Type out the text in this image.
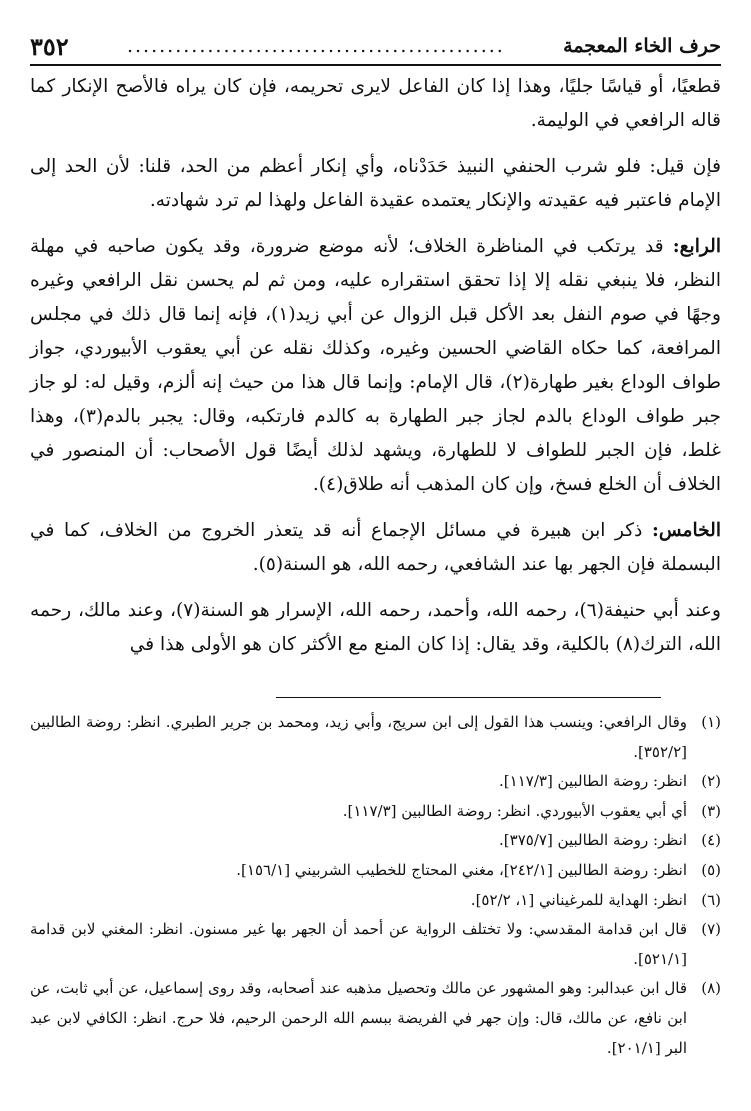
حرف الخاء المعجمة
...............................................
٣٥٢

قطعيًا، أو قياسًا جليًا، وهذا إذا كان الفاعل لايرى تحريمه، فإن كان يراه فالأصح الإنكار كما قاله الرافعي في الوليمة.

فإن قيل: فلو شرب الحنفي النبيذ حَدَدْناه، وأي إنكار أعظم من الحد، قلنا: لأن الحد إلى الإمام فاعتبر فيه عقيدته والإنكار يعتمده عقيدة الفاعل ولهذا لم ترد شهادته.

الرابع: قد يرتكب في المناظرة الخلاف؛ لأنه موضع ضرورة، وقد يكون صاحبه في مهلة النظر، فلا ينبغي نقله إلا إذا تحقق استقراره عليه، ومن ثم لم يحسن نقل الرافعي وغيره وجهًا في صوم النفل بعد الأكل قبل الزوال عن أبي زيد(١)، فإنه إنما قال ذلك في مجلس المرافعة، كما حكاه القاضي الحسين وغيره، وكذلك نقله عن أبي يعقوب الأبيوردي، جواز طواف الوداع بغير طهارة(٢)، قال الإمام: وإنما قال هذا من حيث إنه ألزم، وقيل له: لو جاز جبر طواف الوداع بالدم لجاز جبر الطهارة به كالدم فارتكبه، وقال: يجبر بالدم(٣)، وهذا غلط، فإن الجبر للطواف لا للطهارة، ويشهد لذلك أيضًا قول الأصحاب: أن المنصور في الخلاف أن الخلع فسخ، وإن كان المذهب أنه طلاق(٤).

الخامس: ذكر ابن هبيرة في مسائل الإجماع أنه قد يتعذر الخروج من الخلاف، كما في البسملة فإن الجهر بها عند الشافعي، رحمه الله، هو السنة(٥).

وعند أبي حنيفة(٦)، رحمه الله، وأحمد، رحمه الله، الإسرار هو السنة(٧)، وعند مالك، رحمه الله، الترك(٨) بالكلية، وقد يقال: إذا كان المنع مع الأكثر كان هو الأولى هذا في

(١)
وقال الرافعي: وينسب هذا القول إلى ابن سريج، وأبي زيد، ومحمد بن جرير الطبري. انظر: روضة الطالبين [٣٥٢/٢].
(٢)
انظر: روضة الطالبين [١١٧/٣].
(٣)
أي أبي يعقوب الأبيوردي. انظر: روضة الطالبين [١١٧/٣].
(٤)
انظر: روضة الطالبين [٣٧٥/٧].
(٥)
انظر: روضة الطالبين [٢٤٢/١]، مغني المحتاج للخطيب الشربيني [١٥٦/١].
(٦)
انظر: الهداية للمرغيناني [١، ٥٢/٢].
(٧)
قال ابن قدامة المقدسي: ولا تختلف الرواية عن أحمد أن الجهر بها غير مسنون. انظر: المغني لابن قدامة [٥٢١/١].
(٨)
قال ابن عبدالبر: وهو المشهور عن مالك وتحصيل مذهبه عند أصحابه، وقد روى إسماعيل، عن أبي ثابت، عن ابن نافع، عن مالك، قال: وإن جهر في الفريضة ببسم الله الرحمن الرحيم، فلا حرج. انظر: الكافي لابن عبد البر [٢٠١/١].
